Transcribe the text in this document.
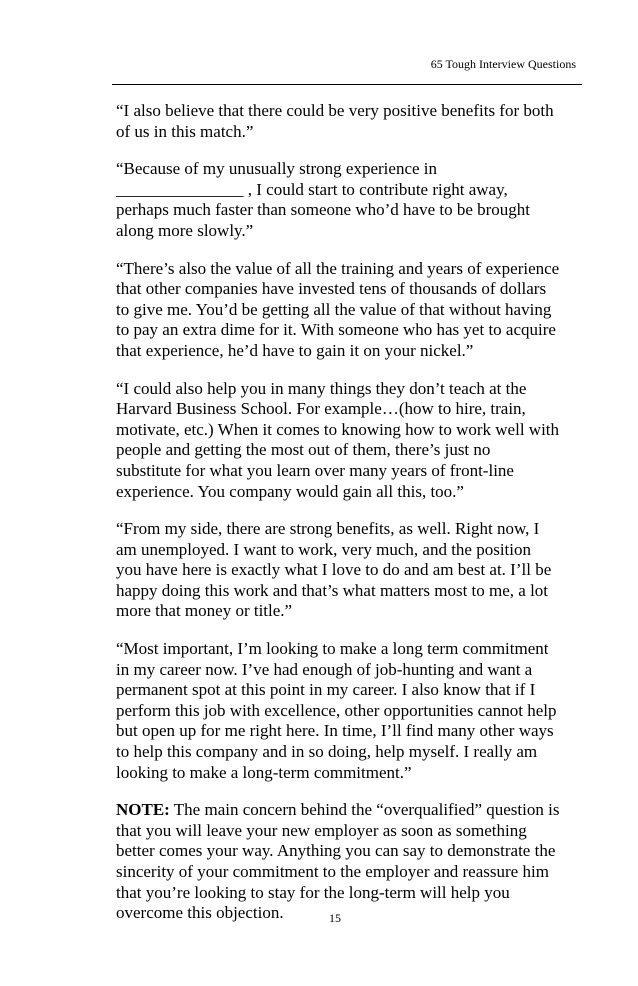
65 Tough Interview Questions

“I also believe that there could be very positive benefits for both
of us in this match.”

“Because of my unusually strong experience in
_______________ , I could start to contribute right away,
perhaps much faster than someone who’d have to be brought
along more slowly.”

“There’s also the value of all the training and years of experience
that other companies have invested tens of thousands of dollars
to give me. You’d be getting all the value of that without having
to pay an extra dime for it. With someone who has yet to acquire
that experience, he’d have to gain it on your nickel.”

“I could also help you in many things they don’t teach at the
Harvard Business School. For example…(how to hire, train,
motivate, etc.) When it comes to knowing how to work well with
people and getting the most out of them, there’s just no
substitute for what you learn over many years of front-line
experience. You company would gain all this, too.”

“From my side, there are strong benefits, as well. Right now, I
am unemployed. I want to work, very much, and the position
you have here is exactly what I love to do and am best at. I’ll be
happy doing this work and that’s what matters most to me, a lot
more that money or title.”

“Most important, I’m looking to make a long term commitment
in my career now. I’ve had enough of job-hunting and want a
permanent spot at this point in my career. I also know that if I
perform this job with excellence, other opportunities cannot help
but open up for me right here. In time, I’ll find many other ways
to help this company and in so doing, help myself. I really am
looking to make a long-term commitment.”

NOTE: The main concern behind the “overqualified” question is
that you will leave your new employer as soon as something
better comes your way. Anything you can say to demonstrate the
sincerity of your commitment to the employer and reassure him
that you’re looking to stay for the long-term will help you
overcome this objection.	15
